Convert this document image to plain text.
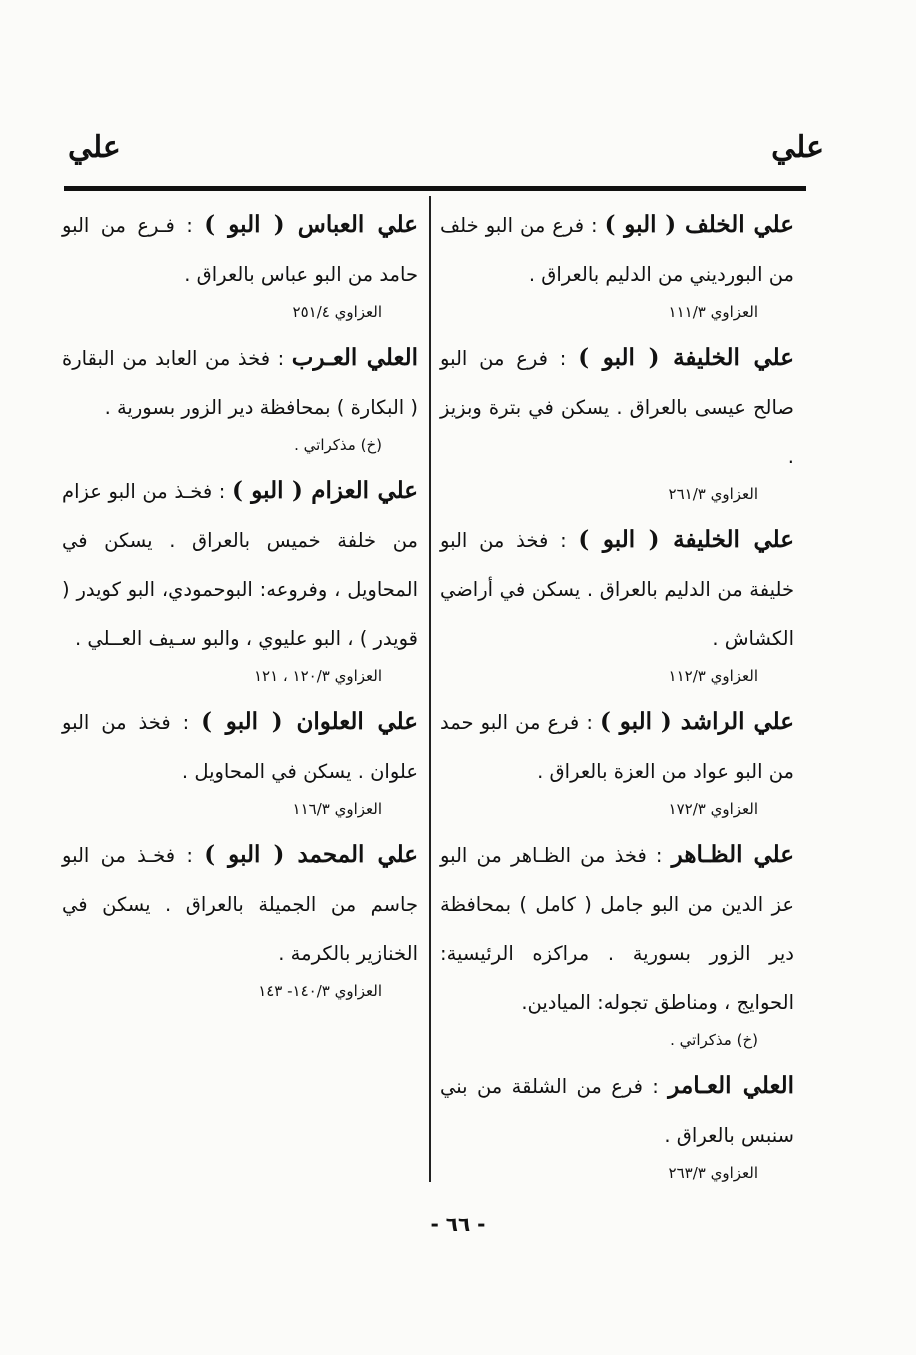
علي
علي

علي الخلف ( البو ) : فرع من البو خلف من البورديني من الدليم بالعراق .

العزاوي ١١١/٣

علي الخليفة ( البو ) : فرع من البو صالح عيسى بالعراق . يسكن في بترة وبزيز .

العزاوي ٢٦١/٣

علي الخليفة ( البو ) : فخذ من البو خليفة من الدليم بالعراق . يسكن في أراضي الكشاش .

العزاوي ١١٢/٣

علي الراشد ( البو ) : فرع من البو حمد من البو عواد من العزة بالعراق .

العزاوي ١٧٢/٣

علي الظـاهر : فخذ من الظـاهر من البو عز الدين من البو جامل ( كامل ) بمحافظة دير الزور بسورية . مراكزه الرئيسية: الحوايج ، ومناطق تجوله: الميادين.

(خ) مذكراتي .

العلي العـامر : فرع من الشلقة من بني سنبس بالعراق .

العزاوي ٢٦٣/٣

علي العباس ( البو ) : فـرع من البو حامد من البو عباس بالعراق .

العزاوي ٢٥١/٤

العلي العـرب : فخذ من العابد من البقارة ( البكارة ) بمحافظة دير الزور بسورية .

(خ) مذكراتي .

علي العزام ( البو ) : فخـذ من البو عزام من خلفة خميس بالعراق . يسكن في المحاويل ، وفروعه: البوحمودي، البو كويدر ( قويدر ) ، البو عليوي ، والبو سـيف العــلي .

العزاوي ١٢٠/٣ ، ١٢١

علي العلوان ( البو ) : فخذ من البو علوان . يسكن في المحاويل .

العزاوي ١١٦/٣

علي المحمد ( البو ) : فخـذ من البو جاسم من الجميلة بالعراق . يسكن في الخنازير بالكرمة .

العزاوي ١٤٠/٣- ١٤٣

- ٦٦ -
